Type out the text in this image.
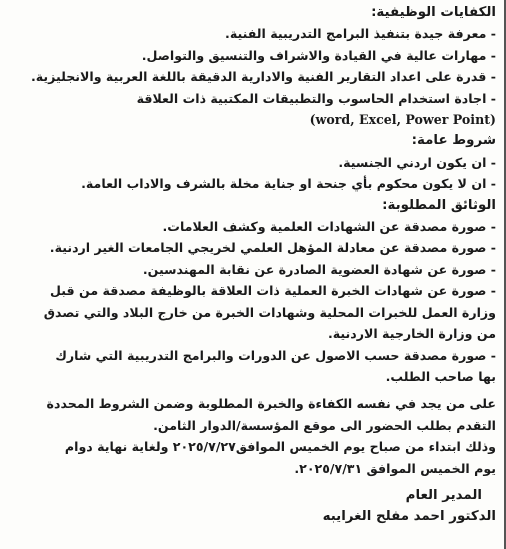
الكفايات الوظيفية:
- معرفة جيدة بتنفيذ البرامج التدريبية الفنية.
- مهارات عالية في القيادة والاشراف والتنسيق والتواصل.
- قدرة على اعداد التقارير الفنية والادارية الدقيقة باللغة العربية والانجليزية.
- اجادة استخدام الحاسوب والتطبيقات المكتبية ذات العلاقة
(word, Excel, Power Point)
شروط عامة:
- ان يكون اردني الجنسية.
- ان لا يكون محكوم بأي جنحة او جناية مخلة بالشرف والاداب العامة.
الوثائق المطلوبة:
- صورة مصدقة عن الشهادات العلمية وكشف العلامات.
- صورة مصدقة عن معادلة المؤهل العلمي لخريجي الجامعات الغير اردنية.
- صورة عن شهادة العضوية الصادرة عن نقابة المهندسين.
- صورة عن شهادات الخبرة العملية ذات العلاقة بالوظيفة مصدقة من قبل
وزارة العمل للخبرات المحلية وشهادات الخبرة من خارج البلاد والتي تصدق
من وزارة الخارجية الاردنية.
- صورة مصدقة حسب الاصول عن الدورات والبرامج التدريبية التي شارك
بها صاحب الطلب.
على من يجد في نفسه الكفاءة والخبرة المطلوبة وضمن الشروط المحددة
التقدم بطلب الحضور الى موقع المؤسسة/الدوار الثامن.
وذلك ابتداء من صباح يوم الخميس الموافق٢٠٢٥/٧/٢٧ ولغاية نهاية دوام
يوم الخميس الموافق ٢٠٢٥/٧/٣١.
المدير العام
الدكتور احمد مفلح الغرايبه
